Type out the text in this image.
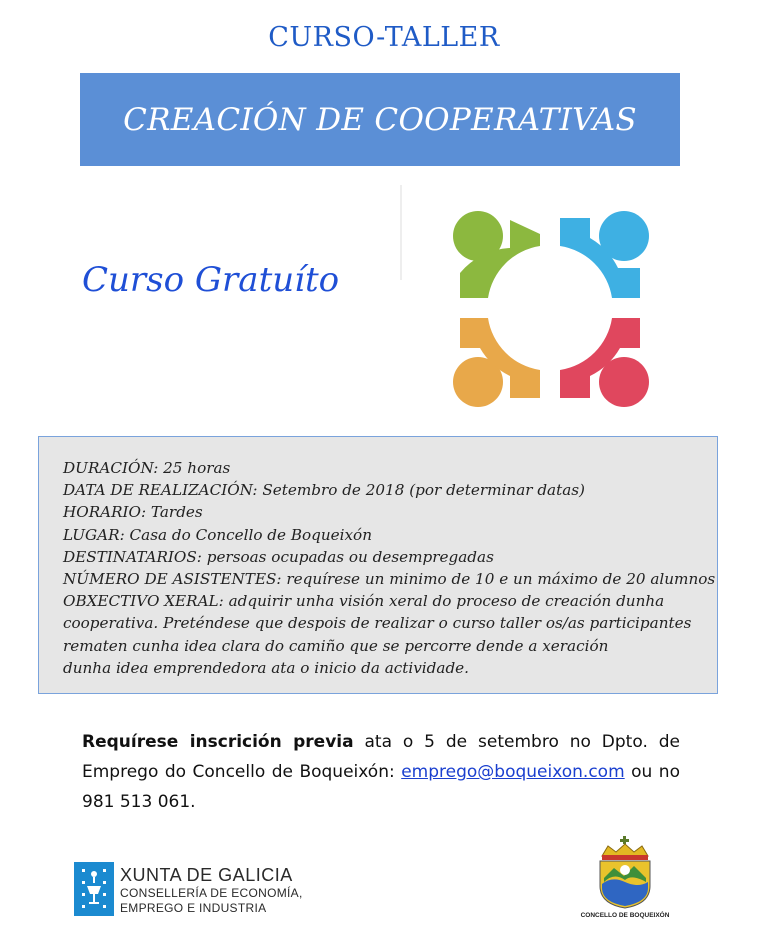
CURSO-TALLER
CREACIÓN DE COOPERATIVAS
Curso Gratuíto
DURACIÓN: 25 horas
DATA DE REALIZACIÓN: Setembro de 2018 (por determinar datas)
HORARIO: Tardes
LUGAR: Casa do Concello de Boqueixón
DESTINATARIOS: persoas ocupadas ou desempregadas
NÚMERO DE ASISTENTES: requírese un minimo de 10 e un máximo de 20 alumnos
OBXECTIVO XERAL: adquirir unha visión xeral do proceso de creación dunha
cooperativa. Preténdese que despois de realizar o curso taller os/as participantes
rematen cunha idea clara do camiño que se percorre dende a xeración
dunha idea emprendedora ata o inicio da actividade.
Requírese inscrición previa ata o 5 de setembro no Dpto. de Emprego do Concello de Boqueixón: emprego@boqueixon.com ou no 981 513 061.
XUNTA DE GALICIA
CONSELLERÍA DE ECONOMÍA,
EMPREGO E INDUSTRIA
CONCELLO DE BOQUEIXÓN
